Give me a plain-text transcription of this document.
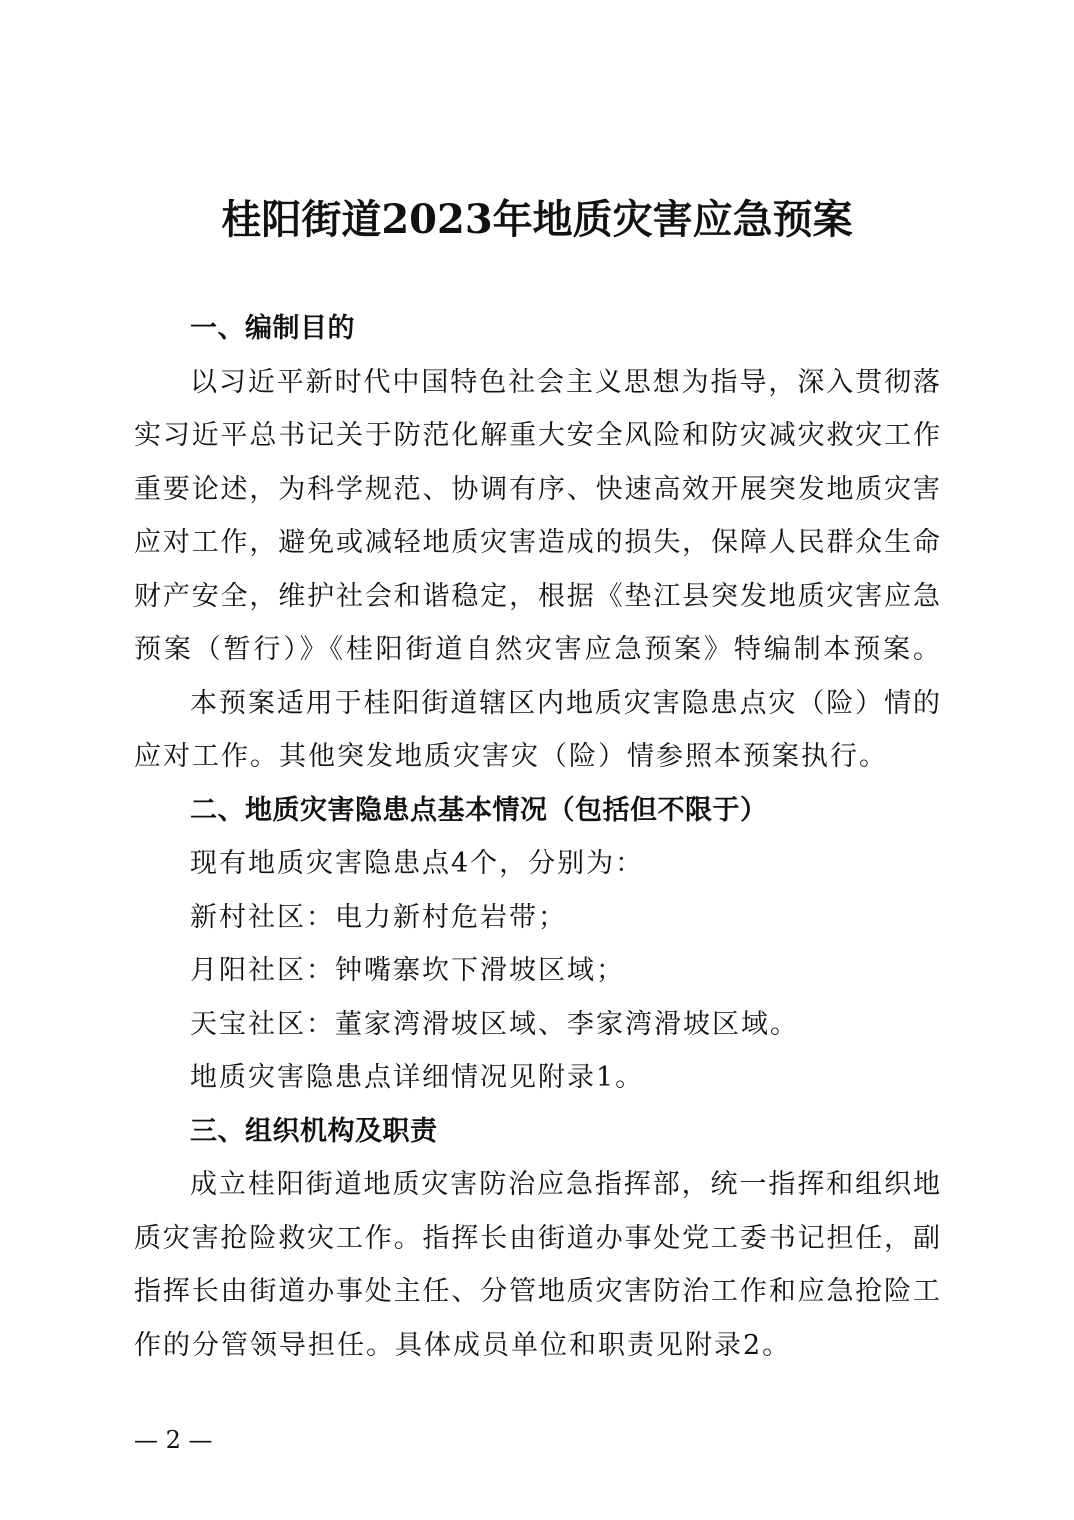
桂阳街道2023年地质灾害应急预案
一、编制目的
以习近平新时代中国特色社会主义思想为指导，深入贯彻落
实习近平总书记关于防范化解重大安全风险和防灾减灾救灾工作
重要论述，为科学规范、协调有序、快速高效开展突发地质灾害
应对工作，避免或减轻地质灾害造成的损失，保障人民群众生命
财产安全，维护社会和谐稳定，根据《垫江县突发地质灾害应急
预案（暂行）》《桂阳街道自然灾害应急预案》特编制本预案。
本预案适用于桂阳街道辖区内地质灾害隐患点灾（险）情的
应对工作。其他突发地质灾害灾（险）情参照本预案执行。
二、地质灾害隐患点基本情况（包括但不限于）
现有地质灾害隐患点4个，分别为：
新村社区：电力新村危岩带；
月阳社区：钟嘴寨坎下滑坡区域；
天宝社区：董家湾滑坡区域、李家湾滑坡区域。
地质灾害隐患点详细情况见附录1。
三、组织机构及职责
成立桂阳街道地质灾害防治应急指挥部，统一指挥和组织地
质灾害抢险救灾工作。指挥长由街道办事处党工委书记担任，副
指挥长由街道办事处主任、分管地质灾害防治工作和应急抢险工
作的分管领导担任。具体成员单位和职责见附录2。
— 2 —
